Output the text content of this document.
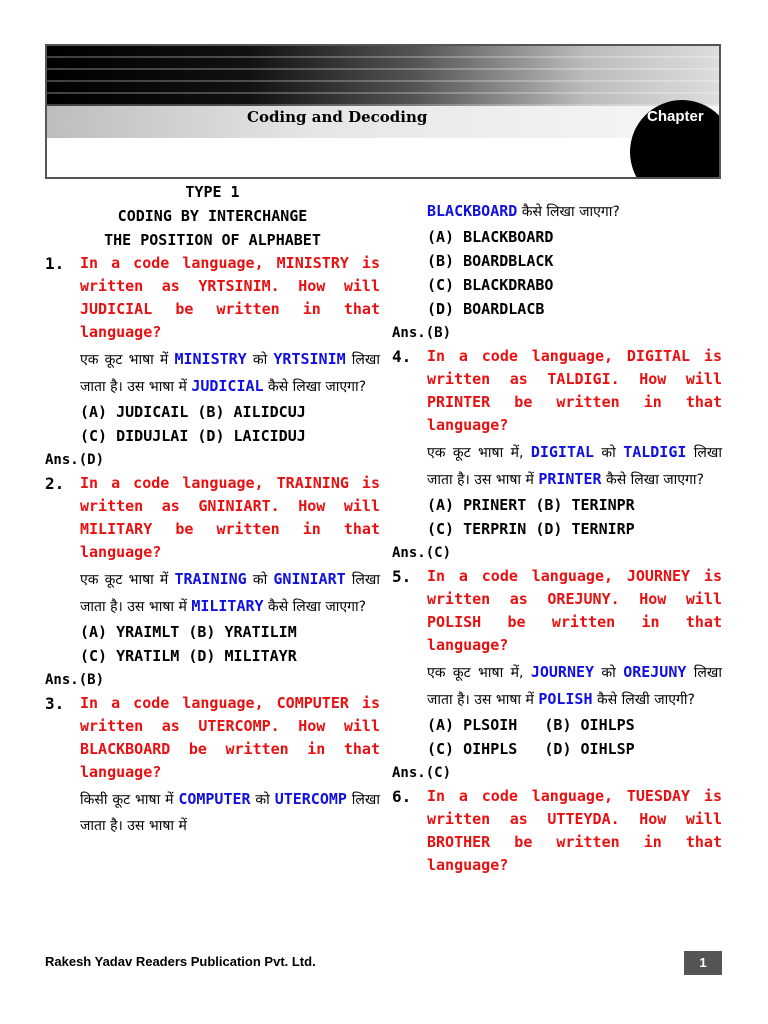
Coding and Decoding	Chapter
TYPE 1
CODING BY INTERCHANGE
THE POSITION OF ALPHABET
1. In a code language, MINISTRY is written as YRTSINIM. How will JUDICIAL be written in that language?
एक कूट भाषा में MINISTRY को YRTSINIM लिखा जाता है। उस भाषा में JUDICIAL कैसे लिखा जाएगा?
(A) JUDICAIL (B) AILIDCUJ
(C) DIDUJLAI (D) LAICIDUJ
Ans.(D)
2. In a code language, TRAINING is written as GNINIART. How will MILITARY be written in that language?
एक कूट भाषा में TRAINING को GNINIART लिखा जाता है। उस भाषा में MILITARY कैसे लिखा जाएगा?
(A) YRAIMLT (B) YRATILIM
(C) YRATILM (D) MILITAYR
Ans.(B)
3. In a code language, COMPUTER is written as UTERCOMP. How will BLACKBOARD be written in that language?
किसी कूट भाषा में COMPUTER को UTERCOMP लिखा जाता है। उस भाषा में
BLACKBOARD कैसे लिखा जाएगा?
(A) BLACKBOARD
(B) BOARDBLACK
(C) BLACKDRABO
(D) BOARDLACB
Ans.(B)
4. In a code language, DIGITAL is written as TALDIGI. How will PRINTER be written in that language?
एक कूट भाषा में, DIGITAL को TALDIGI लिखा जाता है। उस भाषा में PRINTER कैसे लिखा जाएगा?
(A) PRINERT (B) TERINPR
(C) TERPRIN (D) TERNIRP
Ans.(C)
5. In a code language, JOURNEY is written as OREJUNY. How will POLISH be written in that language?
एक कूट भाषा में, JOURNEY को OREJUNY लिखा जाता है। उस भाषा में POLISH कैसे लिखी जाएगी?
(A) PLSOIH   (B) OIHLPS
(C) OIHPLS   (D) OIHLSP
Ans.(C)
6. In a code language, TUESDAY is written as UTTEYDA. How will BROTHER be written in that language?
Rakesh Yadav Readers Publication Pvt. Ltd.	1
